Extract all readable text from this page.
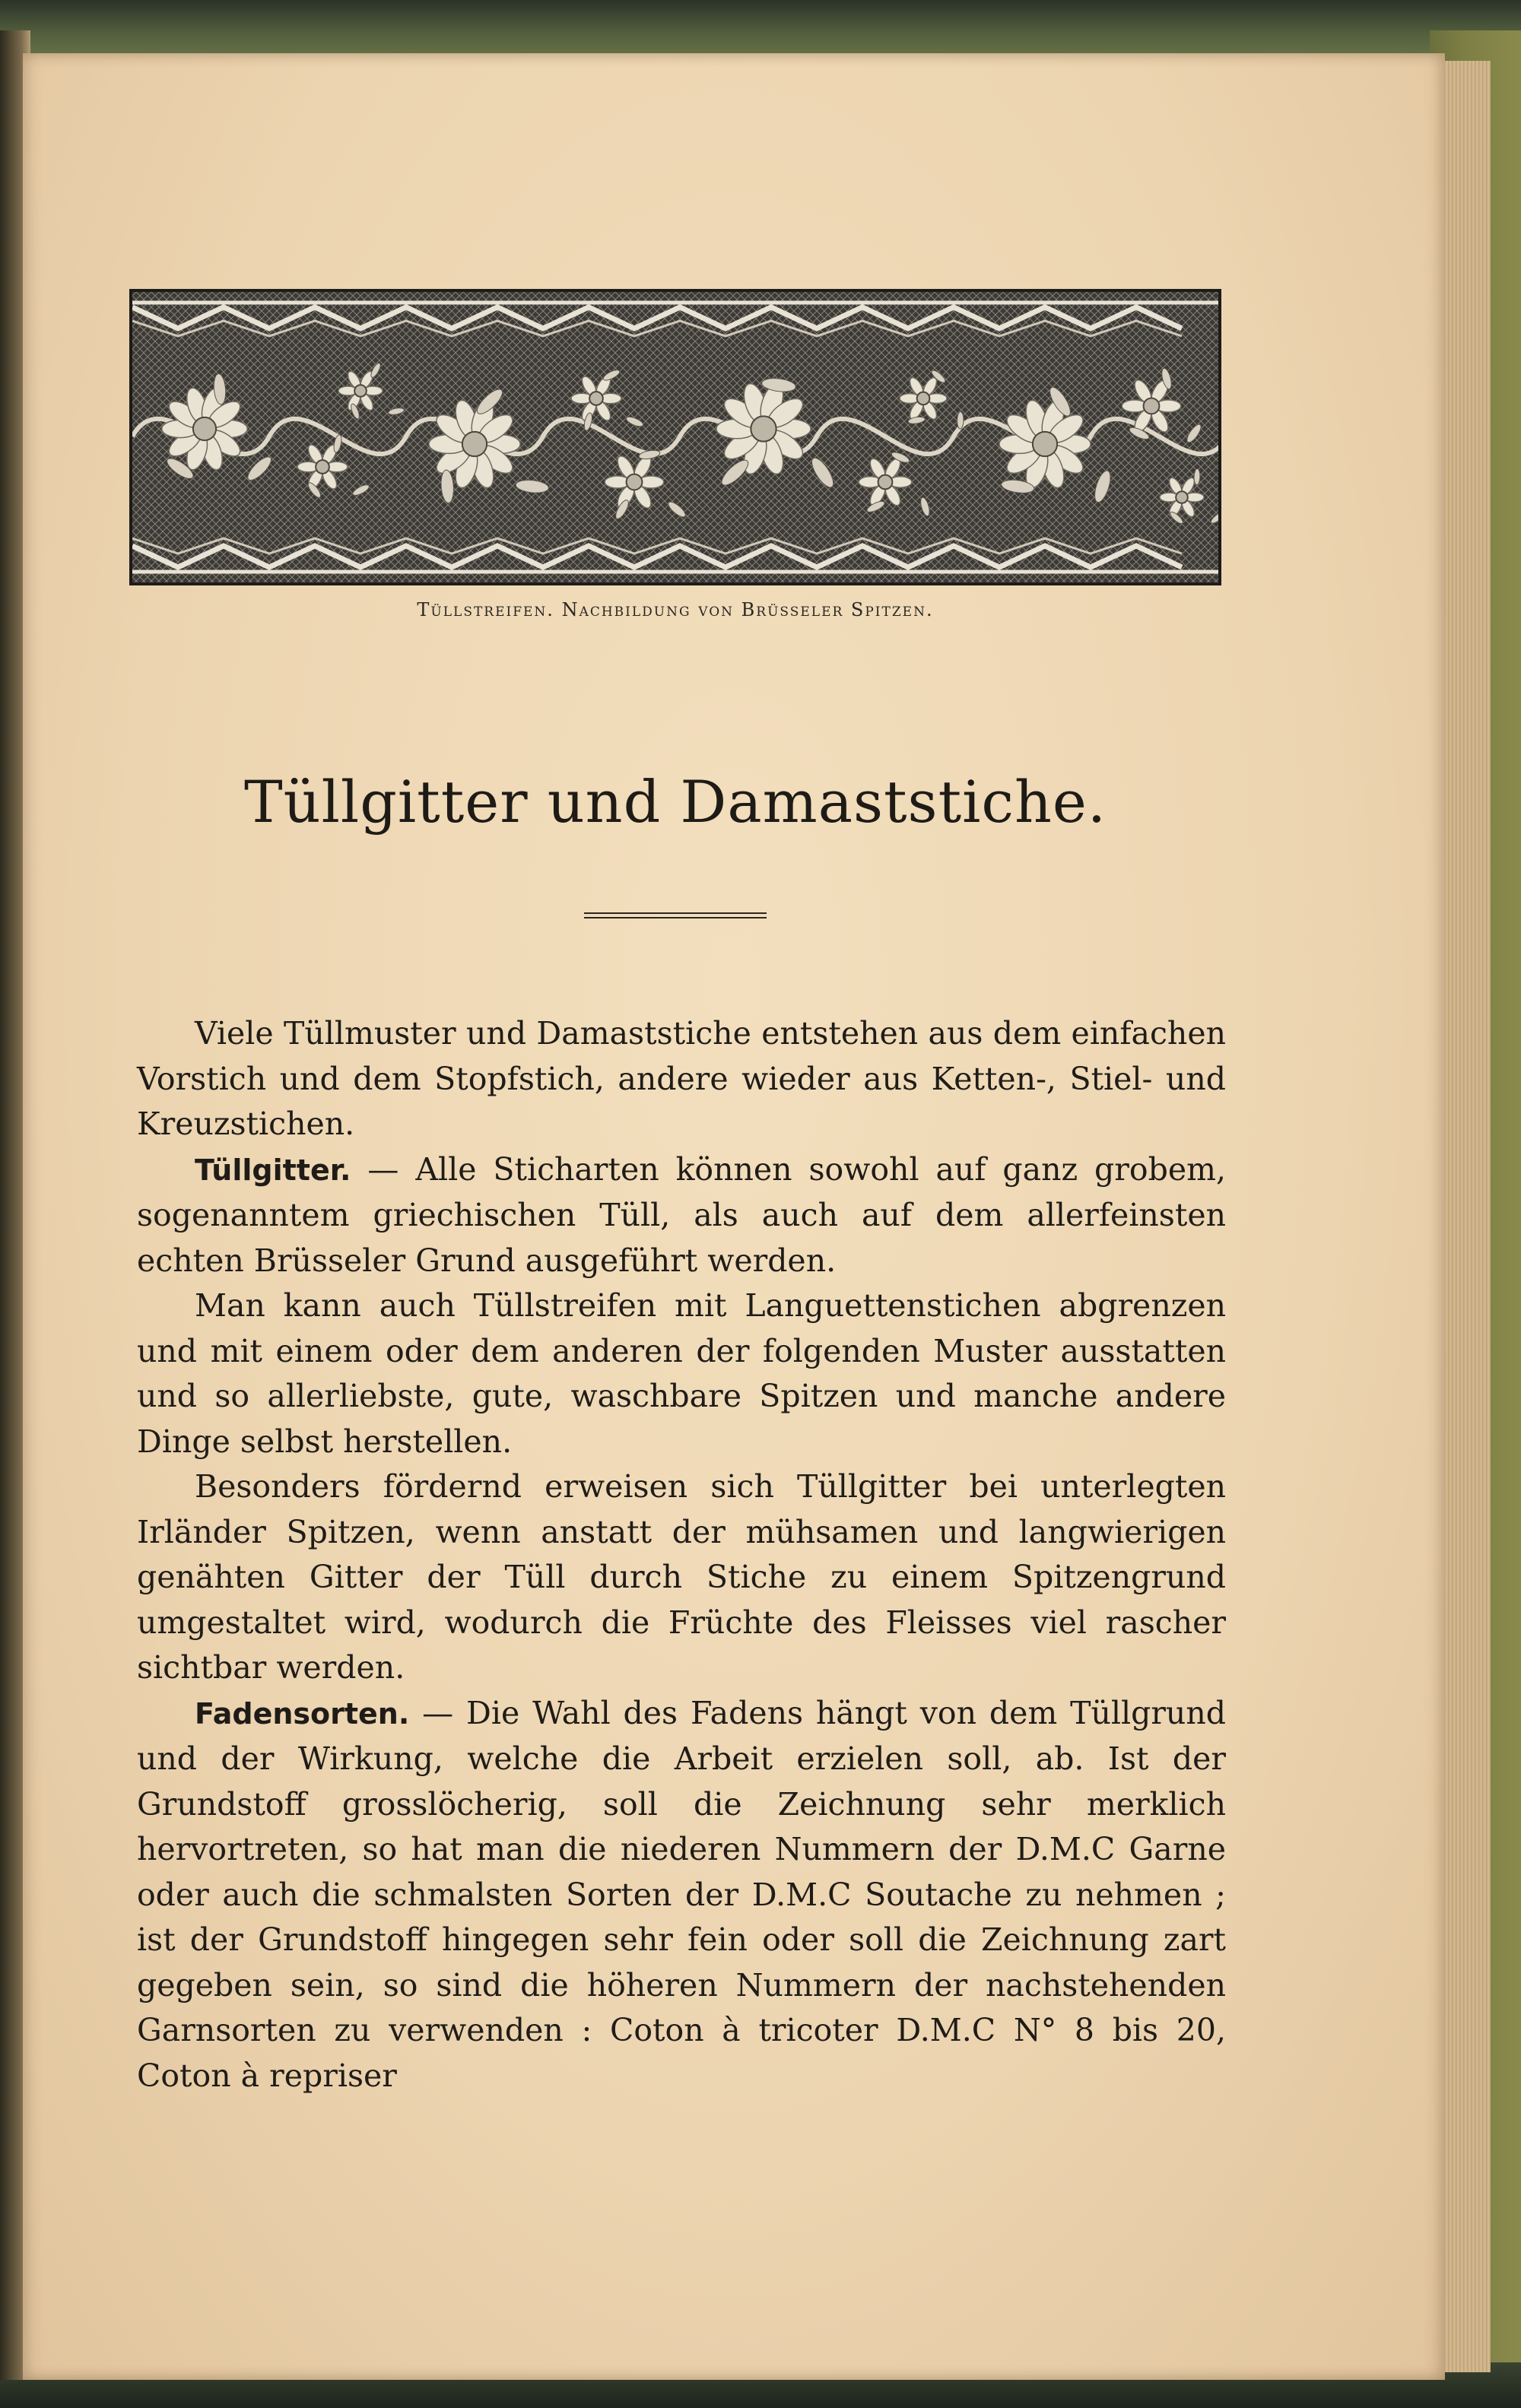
Tüllstreifen. Nachbildung von Brüsseler Spitzen.
Tüllgitter und Damaststiche.

Viele Tüllmuster und Damaststiche entstehen aus dem einfachen Vorstich und dem Stopfstich, andere wieder aus Ketten-, Stiel- und Kreuzstichen.

Tüllgitter. — Alle Sticharten können sowohl auf ganz grobem, sogenanntem griechischen Tüll, als auch auf dem allerfeinsten echten Brüsseler Grund ausgeführt werden.

Man kann auch Tüllstreifen mit Languettenstichen abgrenzen und mit einem oder dem anderen der folgenden Muster ausstatten und so allerliebste, gute, waschbare Spitzen und manche andere Dinge selbst herstellen.

Besonders fördernd erweisen sich Tüllgitter bei unterlegten Irländer Spitzen, wenn anstatt der mühsamen und langwierigen genähten Gitter der Tüll durch Stiche zu einem Spitzengrund umgestaltet wird, wodurch die Früchte des Fleisses viel rascher sichtbar werden.

Fadensorten. — Die Wahl des Fadens hängt von dem Tüllgrund und der Wirkung, welche die Arbeit erzielen soll, ab. Ist der Grundstoff grosslöcherig, soll die Zeichnung sehr merklich hervortreten, so hat man die niederen Nummern der D.M.C Garne oder auch die schmalsten Sorten der D.M.C Soutache zu nehmen ; ist der Grundstoff hingegen sehr fein oder soll die Zeichnung zart gegeben sein, so sind die höheren Nummern der nachstehenden Garnsorten zu verwenden : Coton à tricoter D.M.C N° 8 bis 20, Coton à repriser
